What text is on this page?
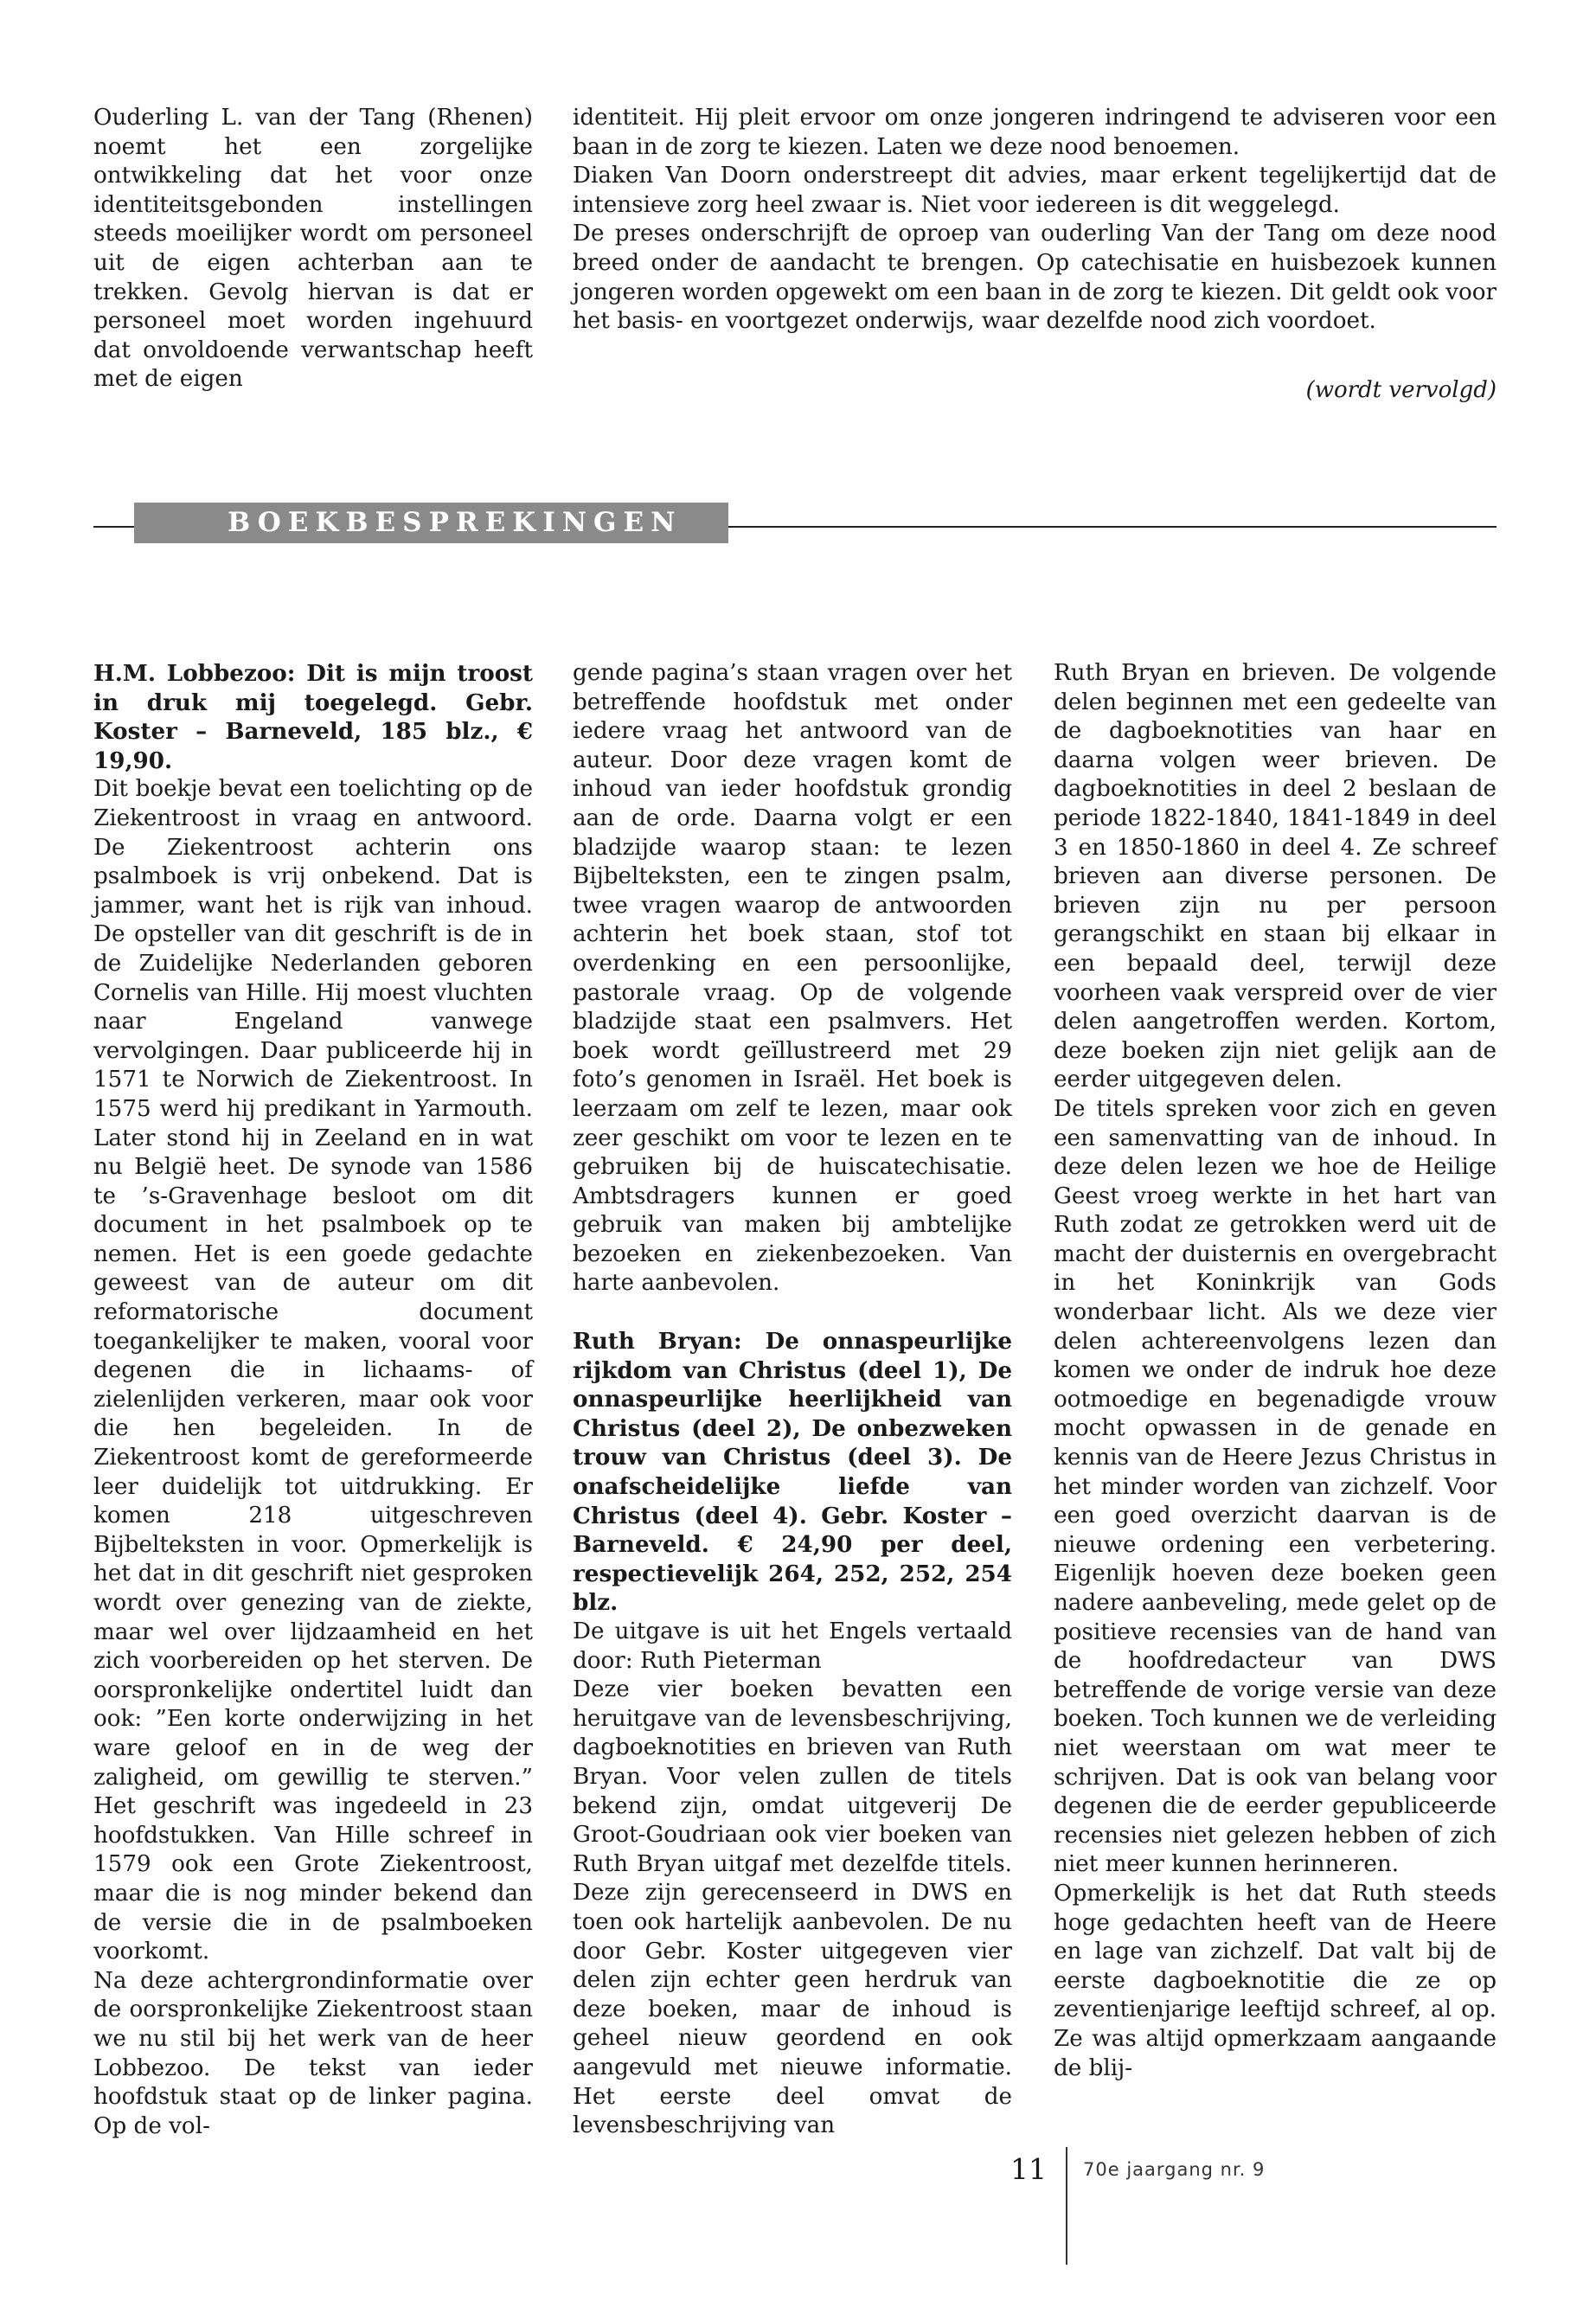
Ouderling L. van der Tang (Rhenen) noemt het een zorgelijke ontwikkeling dat het voor onze identiteitsgebonden instellingen steeds moeilijker wordt om personeel uit de eigen achterban aan te trekken. Gevolg hiervan is dat er personeel moet worden ingehuurd dat onvoldoende verwantschap heeft met de eigen

identiteit. Hij pleit ervoor om onze jongeren indringend te adviseren voor een baan in de zorg te kiezen. Laten we deze nood benoemen.

Diaken Van Doorn onderstreept dit advies, maar erkent tegelijkertijd dat de intensieve zorg heel zwaar is. Niet voor iedereen is dit weggelegd.

De preses onderschrijft de oproep van ouderling Van der Tang om deze nood breed onder de aandacht te brengen. Op catechisatie en huisbezoek kunnen jongeren worden opgewekt om een baan in de zorg te kiezen. Dit geldt ook voor het basis- en voortgezet onderwijs, waar dezelfde nood zich voordoet.

(wordt vervolgd)
BOEKBESPREKINGEN

H.M. Lobbezoo: Dit is mijn troost in druk mij toegelegd. Gebr. Koster – Barneveld, 185 blz., € 19,90.

Dit boekje bevat een toelichting op de Ziekentroost in vraag en antwoord. De Ziekentroost achterin ons psalmboek is vrij onbekend. Dat is jammer, want het is rijk van inhoud. De opsteller van dit geschrift is de in de Zuidelijke Nederlanden geboren Cornelis van Hille. Hij moest vluchten naar Engeland vanwege vervolgingen. Daar publiceerde hij in 1571 te Norwich de Ziekentroost. In 1575 werd hij predikant in Yarmouth. Later stond hij in Zeeland en in wat nu België heet. De synode van 1586 te ’s-Gravenhage besloot om dit document in het psalmboek op te nemen. Het is een goede gedachte geweest van de auteur om dit reformatorische document toegankelijker te maken, vooral voor degenen die in lichaams- of zielenlijden verkeren, maar ook voor die hen begeleiden. In de Ziekentroost komt de gereformeerde leer duidelijk tot uitdrukking. Er komen 218 uitgeschreven Bijbelteksten in voor. Opmerkelijk is het dat in dit geschrift niet gesproken wordt over genezing van de ziekte, maar wel over lijdzaamheid en het zich voorbereiden op het sterven. De oorspronkelijke ondertitel luidt dan ook: ”Een korte onderwijzing in het ware geloof en in de weg der zaligheid, om gewillig te sterven.” Het geschrift was ingedeeld in 23 hoofdstukken. Van Hille schreef in 1579 ook een Grote Ziekentroost, maar die is nog minder bekend dan de versie die in de psalmboeken voorkomt.

Na deze achtergrondinformatie over de oorspronkelijke Ziekentroost staan we nu stil bij het werk van de heer Lobbezoo. De tekst van ieder hoofdstuk staat op de linker pagina. Op de vol-

gende pagina’s staan vragen over het betreffende hoofdstuk met onder iedere vraag het antwoord van de auteur. Door deze vragen komt de inhoud van ieder hoofdstuk grondig aan de orde. Daarna volgt er een bladzijde waarop staan: te lezen Bijbelteksten, een te zingen psalm, twee vragen waarop de antwoorden achterin het boek staan, stof tot overdenking en een persoonlijke, pastorale vraag. Op de volgende bladzijde staat een psalmvers. Het boek wordt geïllustreerd met 29 foto’s genomen in Israël. Het boek is leerzaam om zelf te lezen, maar ook zeer geschikt om voor te lezen en te gebruiken bij de huiscatechisatie. Ambtsdragers kunnen er goed gebruik van maken bij ambtelijke bezoeken en ziekenbezoeken. Van harte aanbevolen.

Ruth Bryan: De onnaspeurlijke rijkdom van Christus (deel 1), De onnaspeurlijke heerlijkheid van Christus (deel 2), De onbezweken trouw van Christus (deel 3). De onafscheidelijke liefde van Christus (deel 4). Gebr. Koster – Barneveld. € 24,90 per deel, respectievelijk 264, 252, 252, 254 blz.

De uitgave is uit het Engels vertaald door: Ruth Pieterman

Deze vier boeken bevatten een heruitgave van de levensbeschrijving, dagboeknotities en brieven van Ruth Bryan. Voor velen zullen de titels bekend zijn, omdat uitgeverij De Groot-Goudriaan ook vier boeken van Ruth Bryan uitgaf met dezelfde titels. Deze zijn gerecenseerd in DWS en toen ook hartelijk aanbevolen. De nu door Gebr. Koster uitgegeven vier delen zijn echter geen herdruk van deze boeken, maar de inhoud is geheel nieuw geordend en ook aangevuld met nieuwe informatie. Het eerste deel omvat de levensbeschrijving van

Ruth Bryan en brieven. De volgende delen beginnen met een gedeelte van de dagboeknotities van haar en daarna volgen weer brieven. De dagboeknotities in deel 2 beslaan de periode 1822-1840, 1841-1849 in deel 3 en 1850-1860 in deel 4. Ze schreef brieven aan diverse personen. De brieven zijn nu per persoon gerangschikt en staan bij elkaar in een bepaald deel, terwijl deze voorheen vaak verspreid over de vier delen aangetroffen werden. Kortom, deze boeken zijn niet gelijk aan de eerder uitgegeven delen.

De titels spreken voor zich en geven een samenvatting van de inhoud. In deze delen lezen we hoe de Heilige Geest vroeg werkte in het hart van Ruth zodat ze getrokken werd uit de macht der duisternis en overgebracht in het Koninkrijk van Gods wonderbaar licht. Als we deze vier delen achtereenvolgens lezen dan komen we onder de indruk hoe deze ootmoedige en begenadigde vrouw mocht opwassen in de genade en kennis van de Heere Jezus Christus in het minder worden van zichzelf. Voor een goed overzicht daarvan is de nieuwe ordening een verbetering. Eigenlijk hoeven deze boeken geen nadere aanbeveling, mede gelet op de positieve recensies van de hand van de hoofdredacteur van DWS betreffende de vorige versie van deze boeken. Toch kunnen we de verleiding niet weerstaan om wat meer te schrijven. Dat is ook van belang voor degenen die de eerder gepubliceerde recensies niet gelezen hebben of zich niet meer kunnen herinneren.

Opmerkelijk is het dat Ruth steeds hoge gedachten heeft van de Heere en lage van zichzelf. Dat valt bij de eerste dagboeknotitie die ze op zeventienjarige leeftijd schreef, al op. Ze was altijd opmerkzaam aangaande de blij-

11 70e jaargang nr. 9
